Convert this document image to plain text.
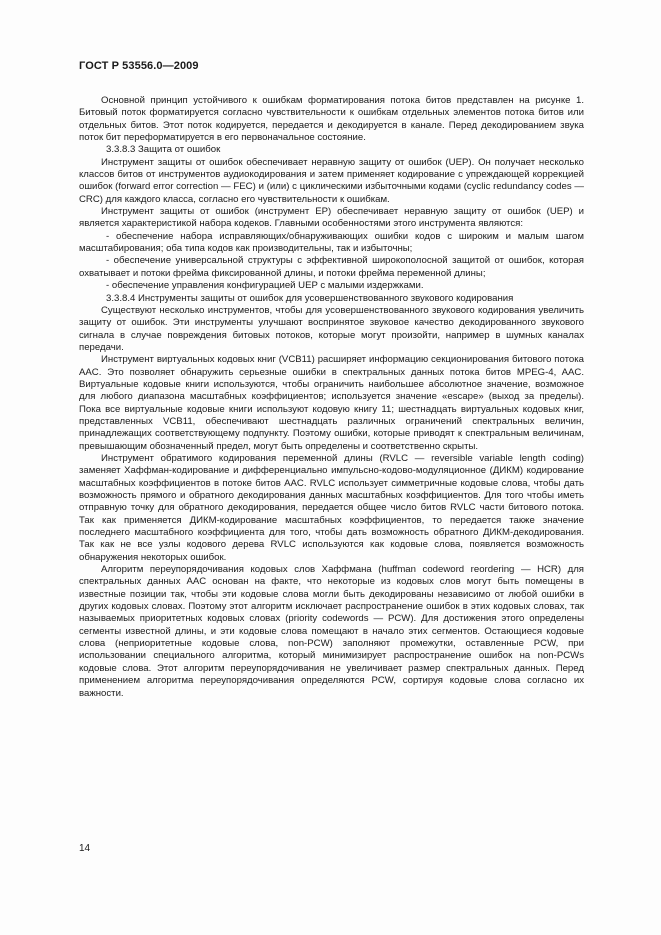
ГОСТ Р 53556.0—2009

Основной принцип устойчивого к ошибкам форматирования потока битов представлен на рисунке 1. Битовый поток форматируется согласно чувствительности к ошибкам отдельных элементов потока битов или отдельных битов. Этот поток кодируется, передается и декодируется в канале. Перед декодированием звука поток бит переформатируется в его первоначальное состояние.

3.3.8.3 Защита от ошибок

Инструмент защиты от ошибок обеспечивает неравную защиту от ошибок (UEP). Он получает несколько классов битов от инструментов аудиокодирования и затем применяет кодирование с упреждающей коррекцией ошибок (forward error correction — FEC) и (или) с циклическими избыточными кодами (cyclic redundancy codes — CRC) для каждого класса, согласно его чувствительности к ошибкам.

Инструмент защиты от ошибок (инструмент EP) обеспечивает неравную защиту от ошибок (UEP) и является характеристикой набора кодеков. Главными особенностями этого инструмента являются:

- обеспечение набора исправляющих/обнаруживающих ошибки кодов с широким и малым шагом масштабирования; оба типа кодов как производительны, так и избыточны;

- обеспечение универсальной структуры с эффективной широкополосной защитой от ошибок, которая охватывает и потоки фрейма фиксированной длины, и потоки фрейма переменной длины;

- обеспечение управления конфигурацией UEP с малыми издержками.

3.3.8.4 Инструменты защиты от ошибок для усовершенствованного звукового кодирования

Существуют несколько инструментов, чтобы для усовершенствованного звукового кодирования увеличить защиту от ошибок. Эти инструменты улучшают воспринятое звуковое качество декодированного звукового сигнала в случае повреждения битовых потоков, которые могут произойти, например в шумных каналах передачи.

Инструмент виртуальных кодовых книг (VCB11) расширяет информацию секционирования битового потока AAC. Это позволяет обнаружить серьезные ошибки в спектральных данных потока битов MPEG-4, AAC. Виртуальные кодовые книги используются, чтобы ограничить наибольшее абсолютное значение, возможное для любого диапазона масштабных коэффициентов; используется значение «escape» (выход за пределы). Пока все виртуальные кодовые книги используют кодовую книгу 11; шестнадцать виртуальных кодовых книг, представленных VCB11, обеспечивают шестнадцать различных ограничений спектральных величин, принадлежащих соответствующему подпункту. Поэтому ошибки, которые приводят к спектральным величинам, превышающим обозначенный предел, могут быть определены и соответственно скрыты.

Инструмент обратимого кодирования переменной длины (RVLC — reversible variable length coding) заменяет Хаффман-кодирование и дифференциально импульсно-кодово-модуляционное (ДИКМ) кодирование масштабных коэффициентов в потоке битов AAC. RVLC использует симметричные кодовые слова, чтобы дать возможность прямого и обратного декодирования данных масштабных коэффициентов. Для того чтобы иметь отправную точку для обратного декодирования, передается общее число битов RVLC части битового потока. Так как применяется ДИКМ-кодирование масштабных коэффициентов, то передается также значение последнего масштабного коэффициента для того, чтобы дать возможность обратного ДИКМ-декодирования. Так как не все узлы кодового дерева RVLC используются как кодовые слова, появляется возможность обнаружения некоторых ошибок.

Алгоритм переупорядочивания кодовых слов Хаффмана (huffman codeword reordering — HCR) для спектральных данных AAC основан на факте, что некоторые из кодовых слов могут быть помещены в известные позиции так, чтобы эти кодовые слова могли быть декодированы независимо от любой ошибки в других кодовых словах. Поэтому этот алгоритм исключает распространение ошибок в этих кодовых словах, так называемых приоритетных кодовых словах (priority codewords — PCW). Для достижения этого определены сегменты известной длины, и эти кодовые слова помещают в начало этих сегментов. Остающиеся кодовые слова (неприоритетные кодовые слова, non-PCW) заполняют промежутки, оставленные PCW, при использовании специального алгоритма, который минимизирует распространение ошибок на non-PCWs кодовые слова. Этот алгоритм переупорядочивания не увеличивает размер спектральных данных. Перед применением алгоритма переупорядочивания определяются PCW, сортируя кодовые слова согласно их важности.

14
